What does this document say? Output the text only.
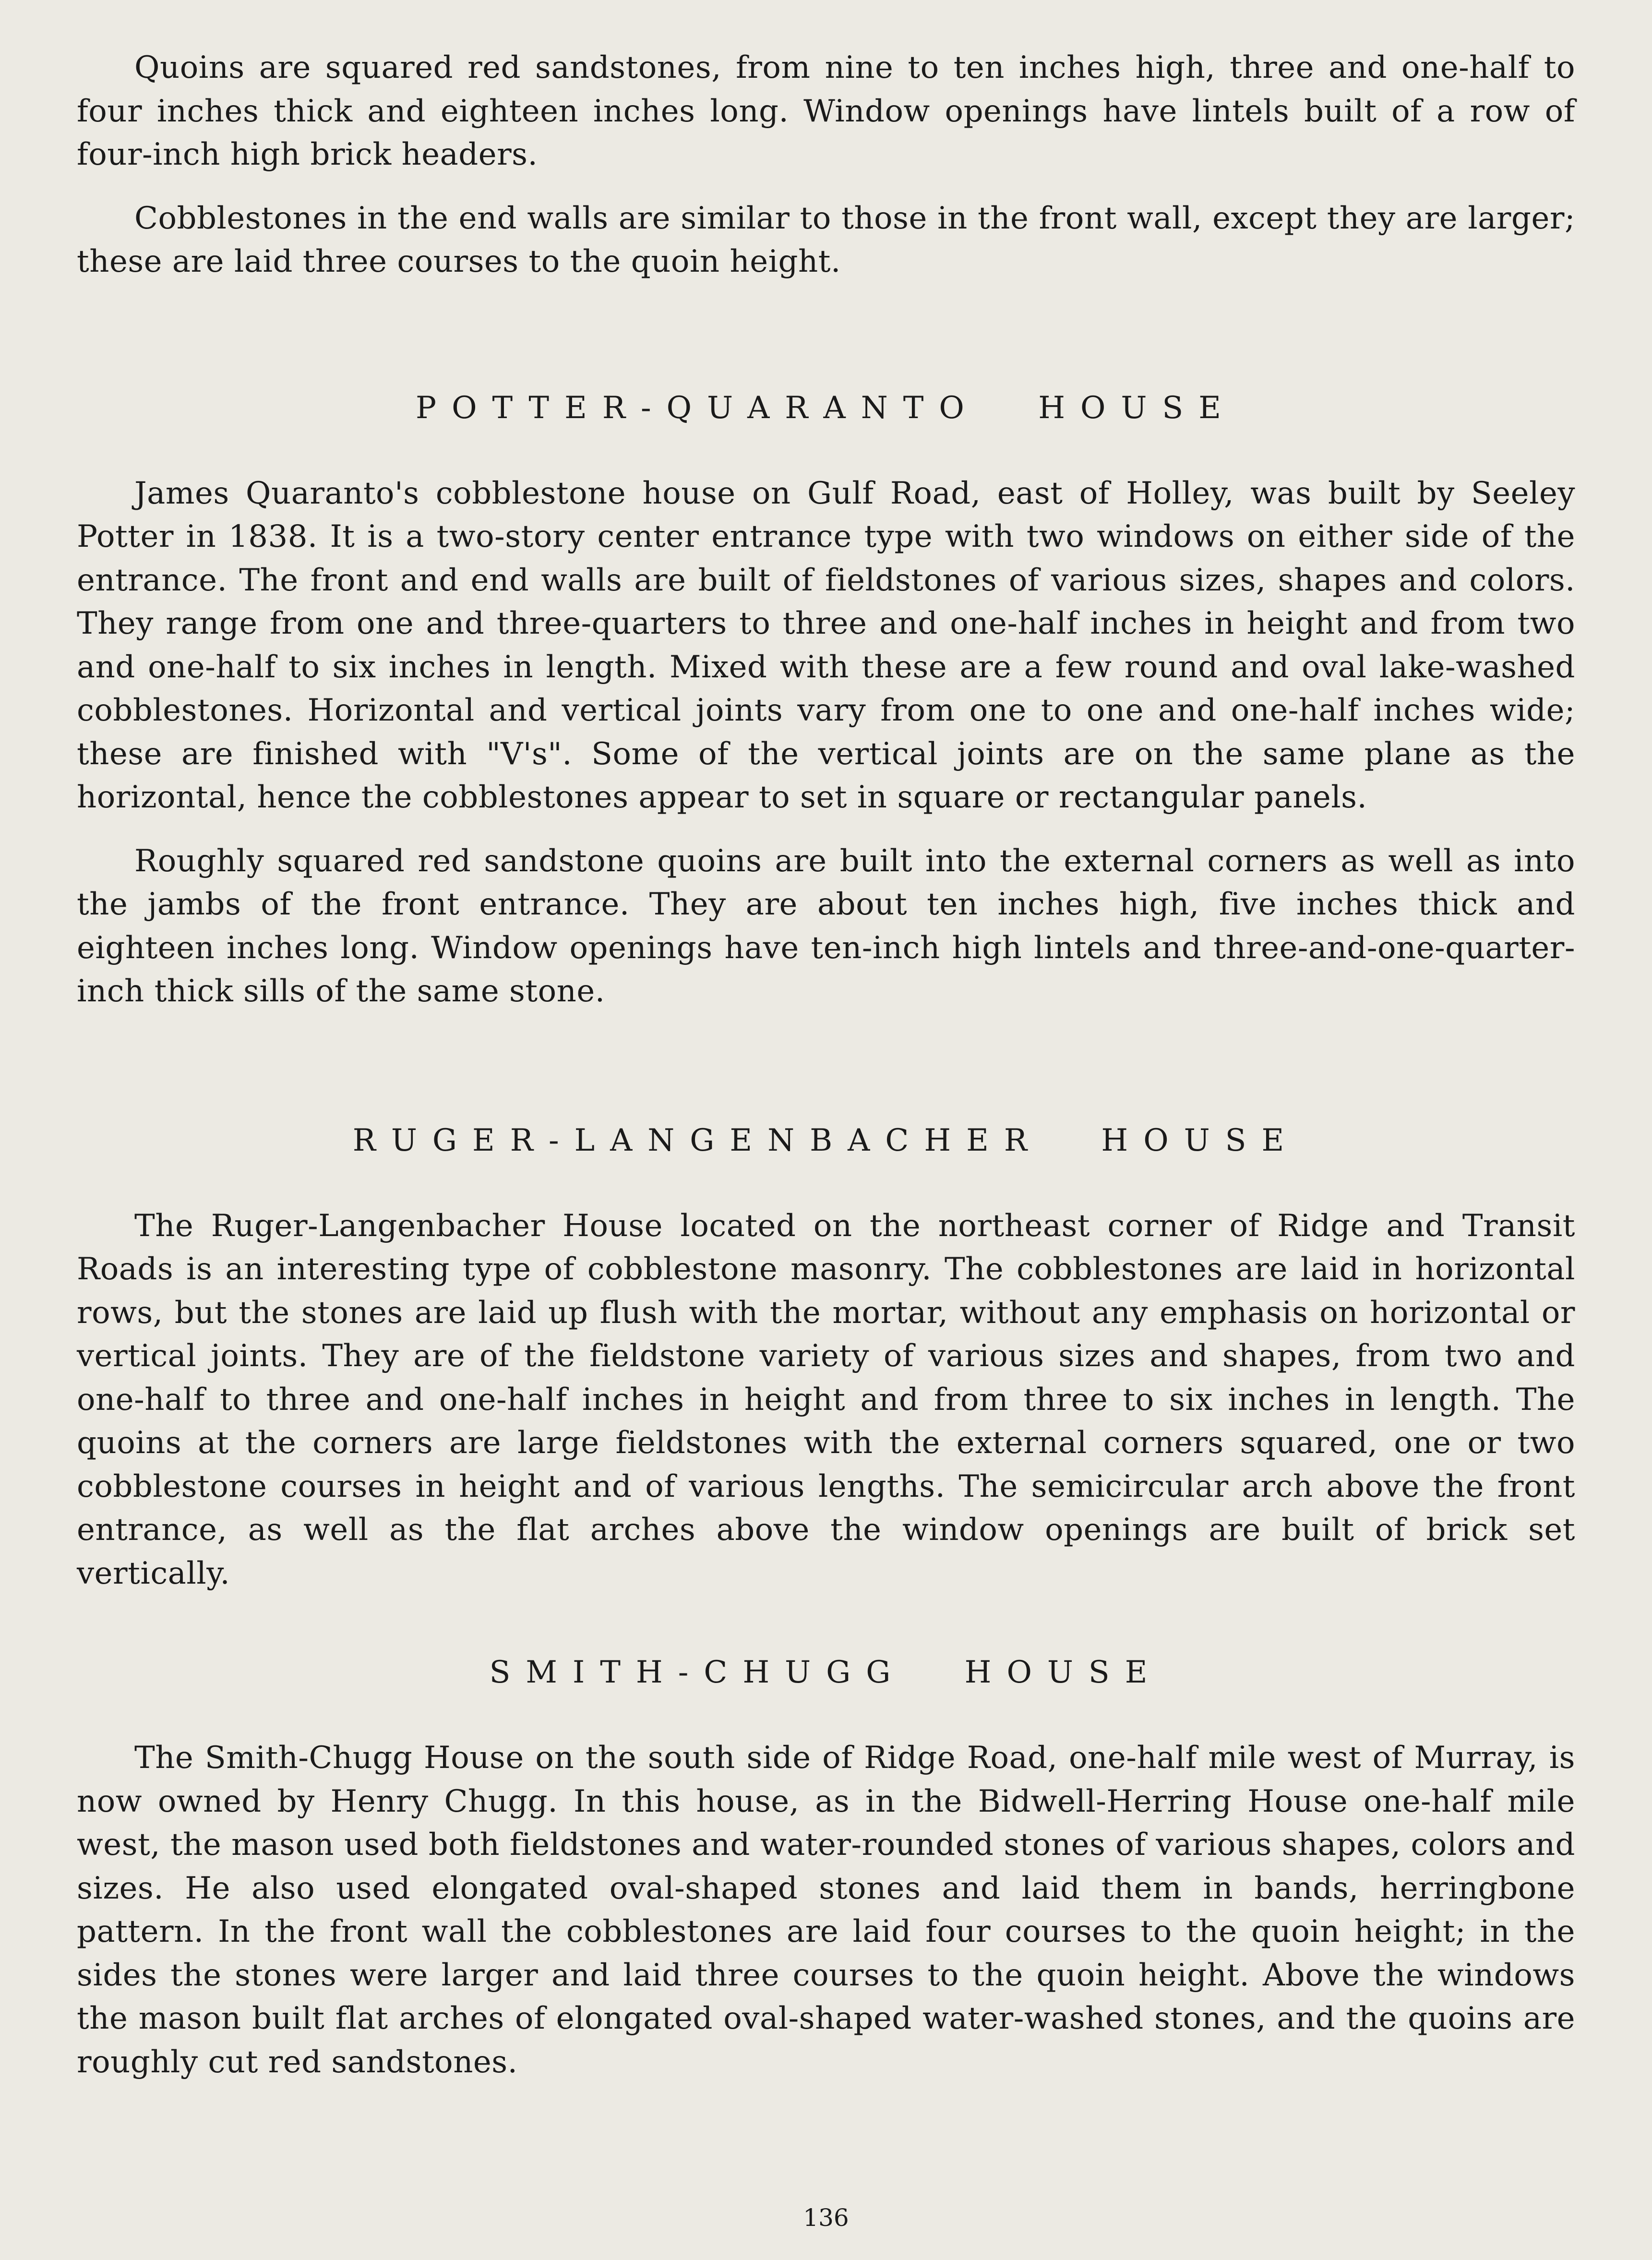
Quoins are squared red sandstones, from nine to ten inches high, three and one-half to four inches thick and eighteen inches long. Window openings have lintels built of a row of four-inch high brick headers.

Cobblestones in the end walls are similar to those in the front wall, except they are larger; these are laid three courses to the quoin height.

POTTER-QUARANTO HOUSE

James Quaranto's cobblestone house on Gulf Road, east of Holley, was built by Seeley Potter in 1838. It is a two-story center entrance type with two windows on either side of the entrance. The front and end walls are built of fieldstones of various sizes, shapes and colors. They range from one and three-quarters to three and one-half inches in height and from two and one-half to six inches in length. Mixed with these are a few round and oval lake-washed cobblestones. Horizontal and vertical joints vary from one to one and one-half inches wide; these are finished with "V's". Some of the vertical joints are on the same plane as the horizontal, hence the cobblestones appear to set in square or rectangular panels.

Roughly squared red sandstone quoins are built into the external corners as well as into the jambs of the front entrance. They are about ten inches high, five inches thick and eighteen inches long. Window openings have ten-inch high lintels and three-and-one-quarter-inch thick sills of the same stone.

RUGER-LANGENBACHER HOUSE

The Ruger-Langenbacher House located on the northeast corner of Ridge and Transit Roads is an interesting type of cobblestone masonry. The cobblestones are laid in horizontal rows, but the stones are laid up flush with the mortar, without any emphasis on horizontal or vertical joints. They are of the fieldstone variety of various sizes and shapes, from two and one-half to three and one-half inches in height and from three to six inches in length. The quoins at the corners are large fieldstones with the external corners squared, one or two cobblestone courses in height and of various lengths. The semicircular arch above the front entrance, as well as the flat arches above the window openings are built of brick set vertically.

SMITH-CHUGG HOUSE

The Smith-Chugg House on the south side of Ridge Road, one-half mile west of Murray, is now owned by Henry Chugg. In this house, as in the Bidwell-Herring House one-half mile west, the mason used both fieldstones and water-rounded stones of various shapes, colors and sizes. He also used elongated oval-shaped stones and laid them in bands, herringbone pattern. In the front wall the cobblestones are laid four courses to the quoin height; in the sides the stones were larger and laid three courses to the quoin height. Above the windows the mason built flat arches of elongated oval-shaped water-washed stones, and the quoins are roughly cut red sandstones.

136
